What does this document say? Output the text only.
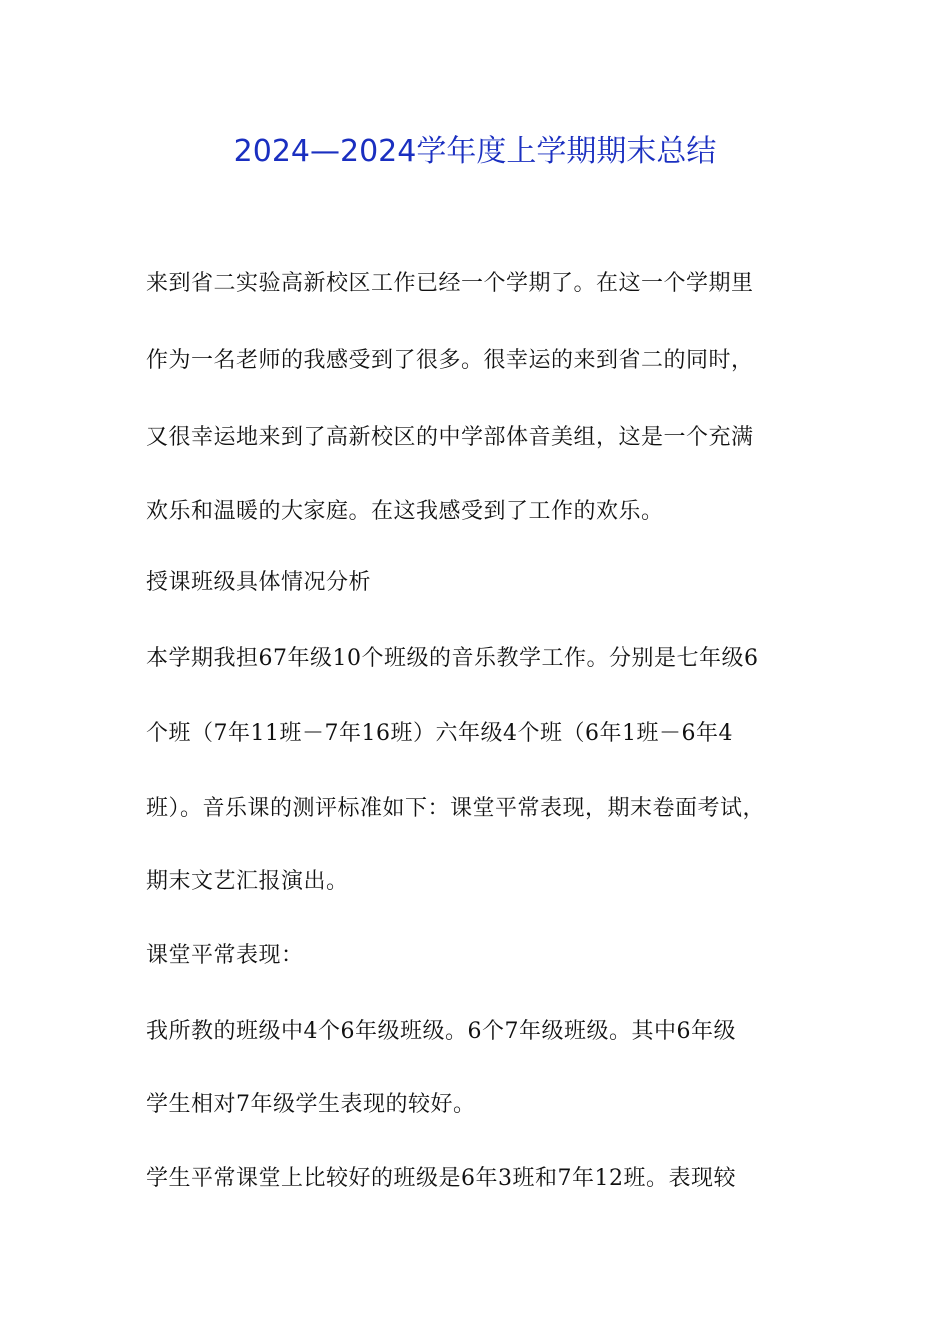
2024—2024学年度上学期期末总结
来到省二实验高新校区工作已经一个学期了。在这一个学期里
作为一名老师的我感受到了很多。很幸运的来到省二的同时，
又很幸运地来到了高新校区的中学部体音美组，这是一个充满
欢乐和温暖的大家庭。在这我感受到了工作的欢乐。
授课班级具体情况分析
本学期我担67年级10个班级的音乐教学工作。分别是七年级6
个班（7年11班－7年16班）六年级4个班（6年1班－6年4
班）。音乐课的测评标准如下：课堂平常表现，期末卷面考试，
期末文艺汇报演出。
课堂平常表现：
我所教的班级中4个6年级班级。6个7年级班级。其中6年级
学生相对7年级学生表现的较好。
学生平常课堂上比较好的班级是6年3班和7年12班。表现较
